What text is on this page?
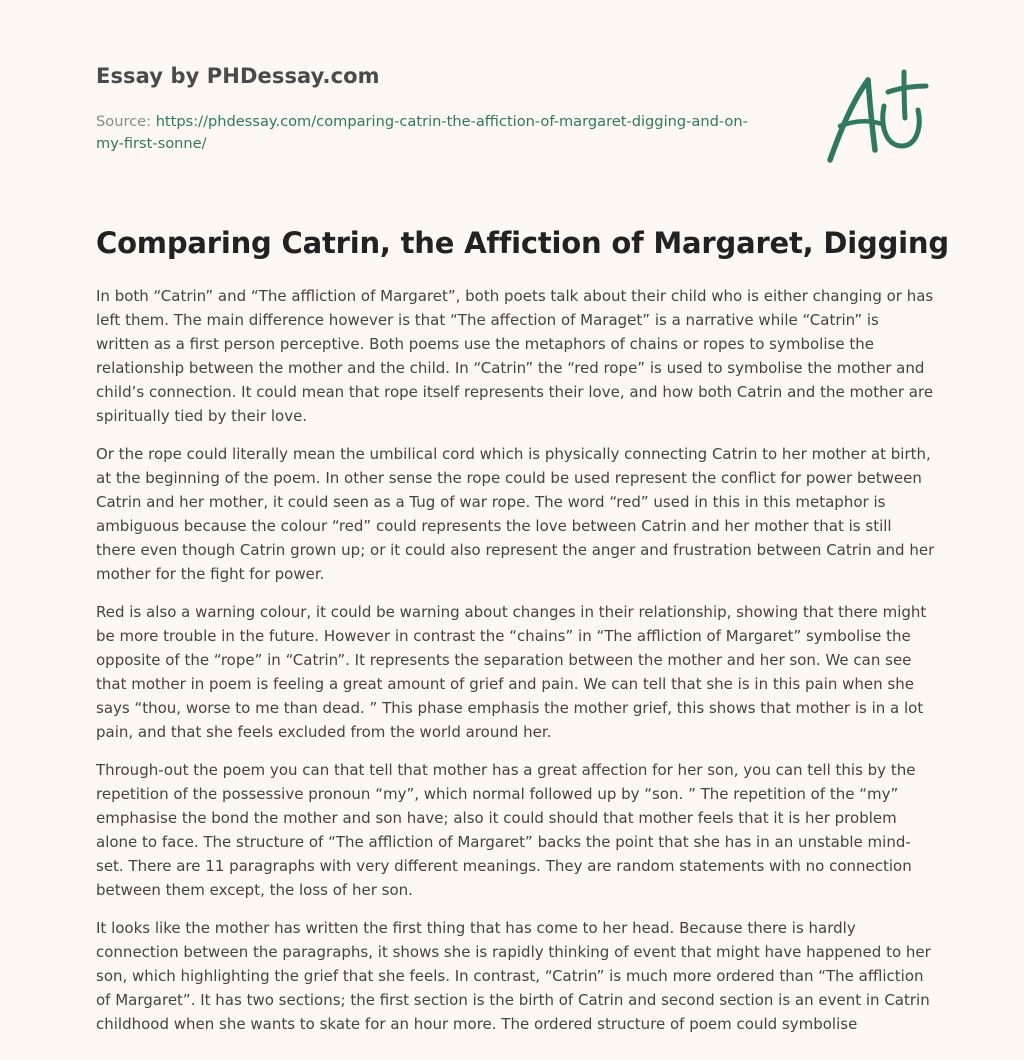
Essay by PHDessay.com
Source: https://phdessay.com/comparing-catrin-the-affiction-of-margaret-digging-and-on-my-first-sonne/
Comparing Catrin, the Affiction of Margaret, Digging

In both “Catrin” and “The affliction of Margaret”, both poets talk about their child who is either changing or has left them. The main difference however is that “The affection of Maraget” is a narrative while “Catrin” is written as a first person perceptive. Both poems use the metaphors of chains or ropes to symbolise the relationship between the mother and the child. In “Catrin” the “red rope” is used to symbolise the mother and child’s connection. It could mean that rope itself represents their love, and how both Catrin and the mother are spiritually tied by their love.

Or the rope could literally mean the umbilical cord which is physically connecting Catrin to her mother at birth, at the beginning of the poem. In other sense the rope could be used represent the conflict for power between Catrin and her mother, it could seen as a Tug of war rope. The word “red” used in this in this metaphor is ambiguous because the colour “red” could represents the love between Catrin and her mother that is still there even though Catrin grown up; or it could also represent the anger and frustration between Catrin and her mother for the fight for power.

Red is also a warning colour, it could be warning about changes in their relationship, showing that there might be more trouble in the future. However in contrast the “chains” in “The affliction of Margaret” symbolise the opposite of the “rope” in “Catrin”. It represents the separation between the mother and her son. We can see that mother in poem is feeling a great amount of grief and pain. We can tell that she is in this pain when she says “thou, worse to me than dead. ” This phase emphasis the mother grief, this shows that mother is in a lot pain, and that she feels excluded from the world around her.

Through-out the poem you can that tell that mother has a great affection for her son, you can tell this by the repetition of the possessive pronoun “my”, which normal followed up by “son. ” The repetition of the “my” emphasise the bond the mother and son have; also it could should that mother feels that it is her problem alone to face. The structure of “The affliction of Margaret” backs the point that she has in an unstable mind-set. There are 11 paragraphs with very different meanings. They are random statements with no connection between them except, the loss of her son.

It looks like the mother has written the first thing that has come to her head. Because there is hardly connection between the paragraphs, it shows she is rapidly thinking of event that might have happened to her son, which highlighting the grief that she feels. In contrast, “Catrin” is much more ordered than “The affliction of Margaret”. It has two sections; the first section is the birth of Catrin and second section is an event in Catrin childhood when she wants to skate for an hour more. The ordered structure of poem could symbolise
